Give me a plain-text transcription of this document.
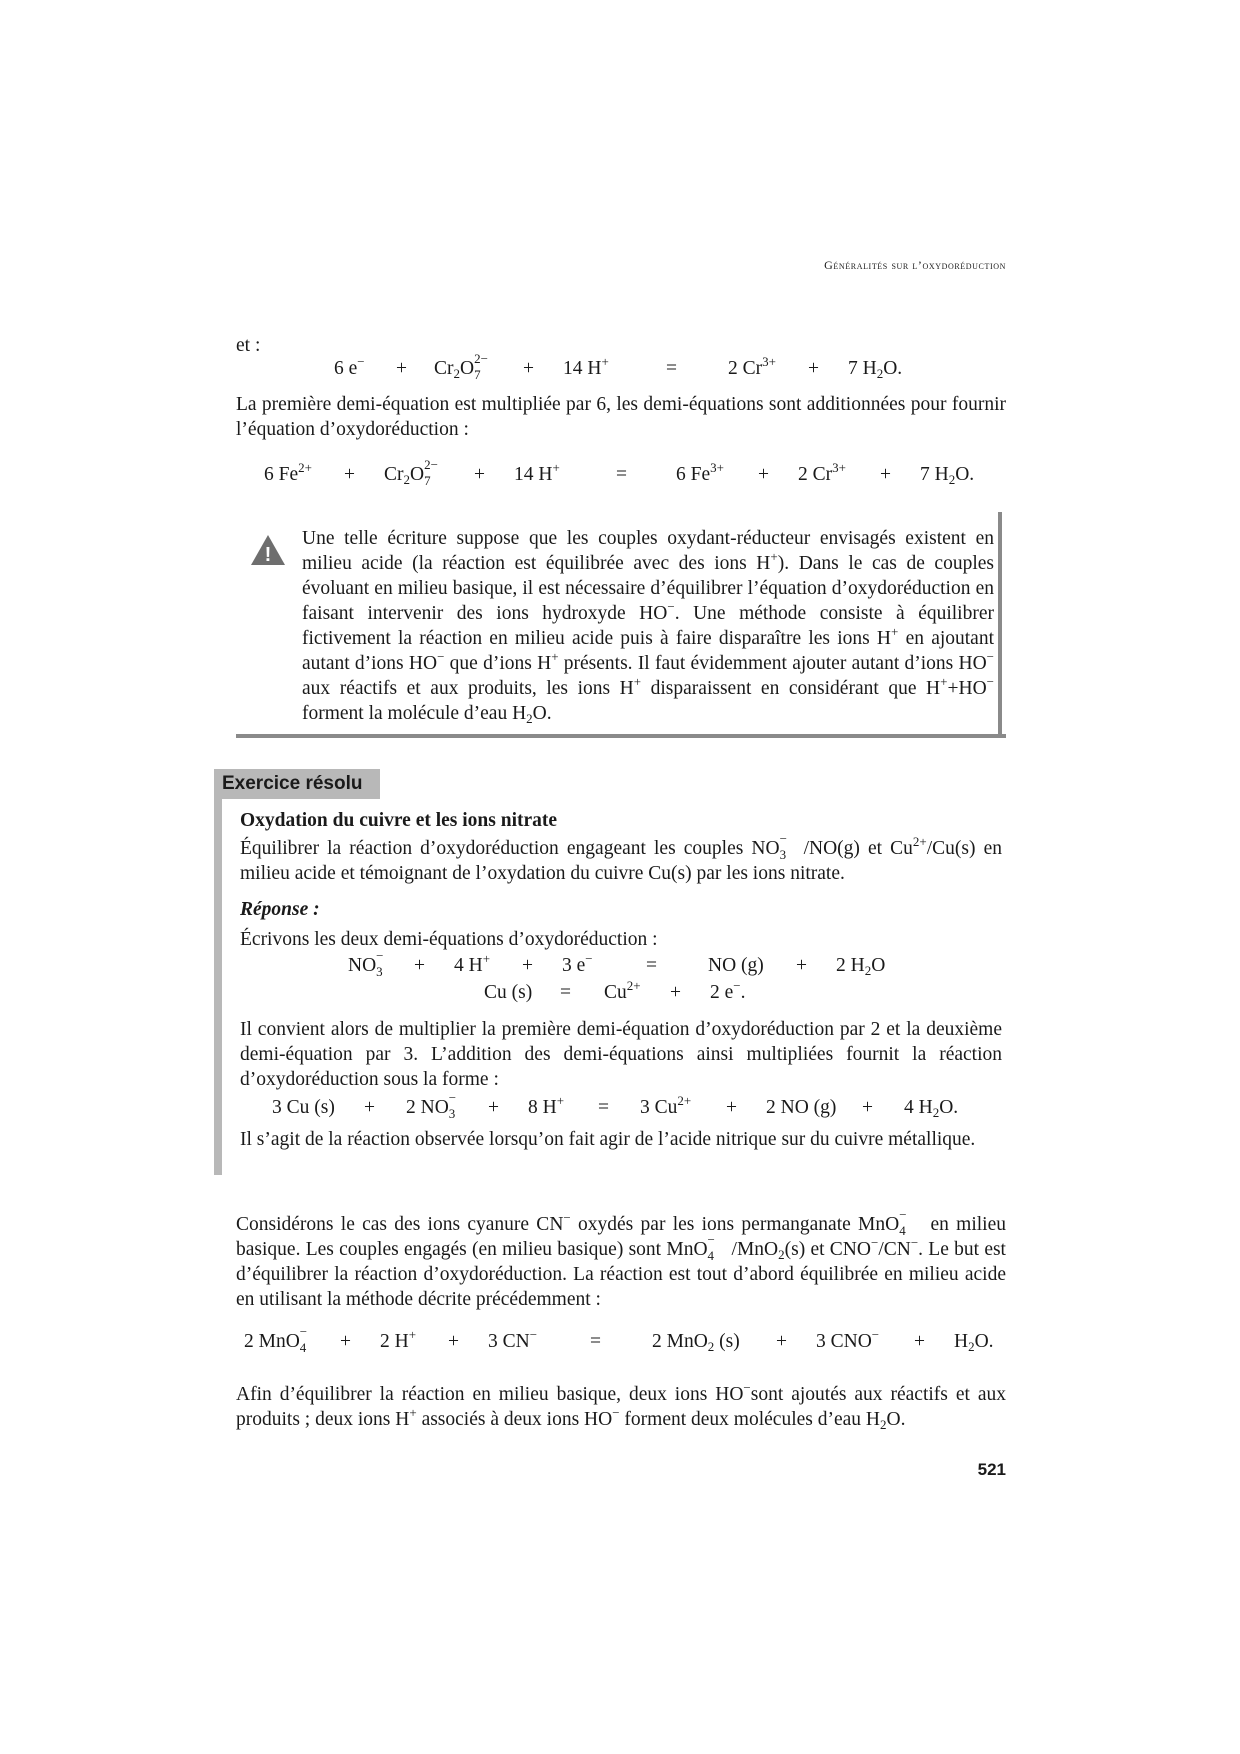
Généralités sur l’oxydoréduction
et :
6 $e^- + Cr_2O$ 2−
7 + 14 H+	=	2 $Cr^{3+} + 7$ $H_2O$.
La première demi-équation est multipliée par 6, les demi-équations sont additionnées pour fournir l’équation d’oxydoréduction :
6 $Fe^{2+} + Cr_2O$ 2−
7 + 14 H+	=	6 $Fe^{3+} + 2$ $Cr^{3+} + 7$ $H_2O$.
!
Une telle écriture suppose que les couples oxydant-réducteur envisagés existent en milieu acide (la réaction est équilibrée avec des ions H+). Dans le cas de couples évoluant en milieu basique, il est nécessaire d’équilibrer l’équation d’oxydoréduction en faisant intervenir des ions hydroxyde HO−. Une méthode consiste à équilibrer fictivement la réaction en milieu acide puis à faire disparaître les ions H+ en ajoutant autant d’ions HO− que d’ions H+ présents. Il faut évidemment ajouter autant d’ions HO− aux réactifs et aux produits, les ions H+ disparaissent en considérant que H++HO− forment la molécule d’eau $H_2O$.
Exercice résolu
Oxydation du cuivre et les ions nitrate
Équilibrer la réaction d’oxydoréduction engageant les couples NO −
3 /NO(g) et $Cu^{2+}/Cu(s)$ en milieu acide et témoignant de l’oxydation du cuivre Cu(s) par les ions nitrate.
Réponse :
Écrivons les deux demi-équations d’oxydoréduction :
NO −
3 + 4 H+ + 3 e−	=	NO (g) + 2 $H_2O$
Cu $(s) = Cu^{2+} + 2$ e−.
Il convient alors de multiplier la première demi-équation d’oxydoréduction par 2 et la deuxième demi-équation par 3. L’addition des demi-équations ainsi multipliées fournit la réaction d’oxydoréduction sous la forme :
3 Cu (s) + 2 NO −
3 + 8 H+ = 3 $Cu^{2+} + 2$ NO (g) + 4 $H_2O$.
Il s’agit de la réaction observée lorsqu’on fait agir de l’acide nitrique sur du cuivre métallique.
Considérons le cas des ions cyanure CN− oxydés par les ions permanganate MnO −
4 en milieu basique. Les couples engagés (en milieu basique) sont MnO −
4 /MnO$_2$(s) et CNO−/CN−. Le but est d’équilibrer la réaction d’oxydoréduction. La réaction est tout d’abord équilibrée en milieu acide en utilisant la méthode décrite précédemment :
2 MnO −
4 + 2 H+ + 3 CN−	=	2 MnO$_2$ (s) + 3 $CNO^- + H_2O$.
Afin d’équilibrer la réaction en milieu basique, deux ions HO−sont ajoutés aux réactifs et aux produits ; deux ions H+ associés à deux ions HO− forment deux molécules d’eau $H_2O$.
521
